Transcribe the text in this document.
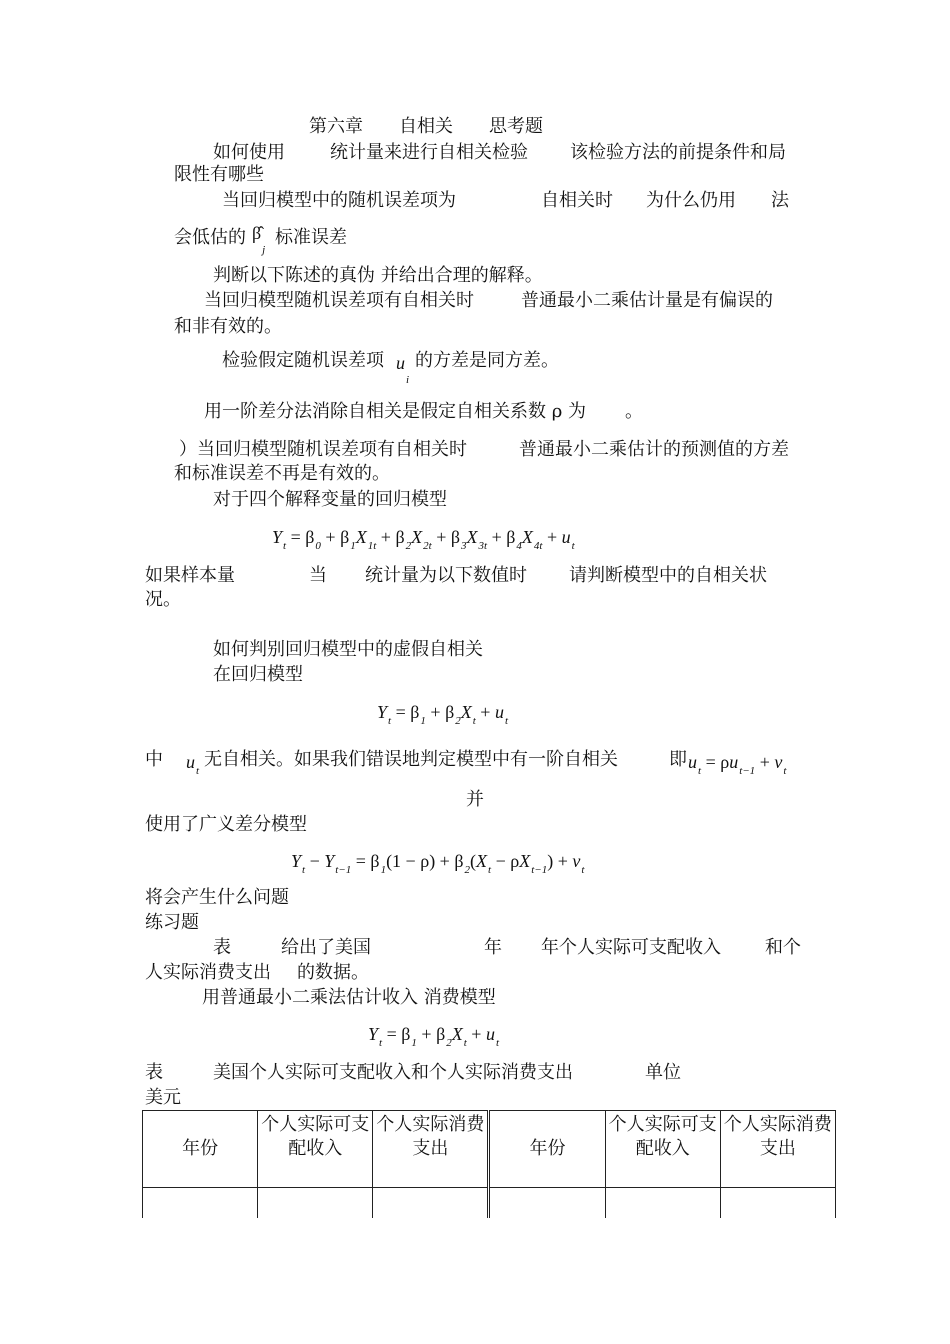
第六章　　自相关　　思考题
如何使用	统计量来进行自相关检验 该检验方法的前提条件和局
限性有哪些
当回归模型中的随机误差项为	自相关时 为什么仍用 法
会低估的 $\betâ_j$
标准误差
判断以下陈述的真伪 并给出合理的解释。
当回归模型随机误差项有自相关时	普通最小二乘估计量是有偏误的
和非有效的。
检验假定随机误差项 $u_i$
的方差是同方差。
用一阶差分法消除自相关是假定自相关系数 ρ 为 。
）当回归模型随机误差项有自相关时	普通最小二乘估计的预测值的方差
和标准误差不再是有效的。
对于四个解释变量的回归模型
$Y_t = \beta_0 + \beta_1X_{1t} + \beta_2X_{2t} + \beta_3X_{3t} + \beta_4X_{4t} + u_t$
如果样本量	当 统计量为以下数值时 请判断模型中的自相关状
况。
如何判别回归模型中的虚假自相关
在回归模型
$Y_t = \beta_1 + \beta_2X_t + u_t$
中 $u_t$
无自相关。如果我们错误地判定模型中有一阶自相关	即 $u_t = \rho u_{t-1} + v_t$
并
使用了广义差分模型
$Y_t - Y_{t-1} = \beta_1(1 - \rho) + \beta_2(X_t - \rho X_{t-1}) + v_t$
将会产生什么问题
练习题
表	给出了美国	年 年个人实际可支配收入 和个
人实际消费支出 的数据。
用普通最小二乘法估计收入 消费模型
$Y_t = \beta_1 + \beta_2X_t + u_t$
表	美国个人实际可支配收入和个人实际消费支出	单位
美元
年份	个人实际可支配收入	个人实际消费支出	年份	个人实际可支配收入	个人实际消费支出
